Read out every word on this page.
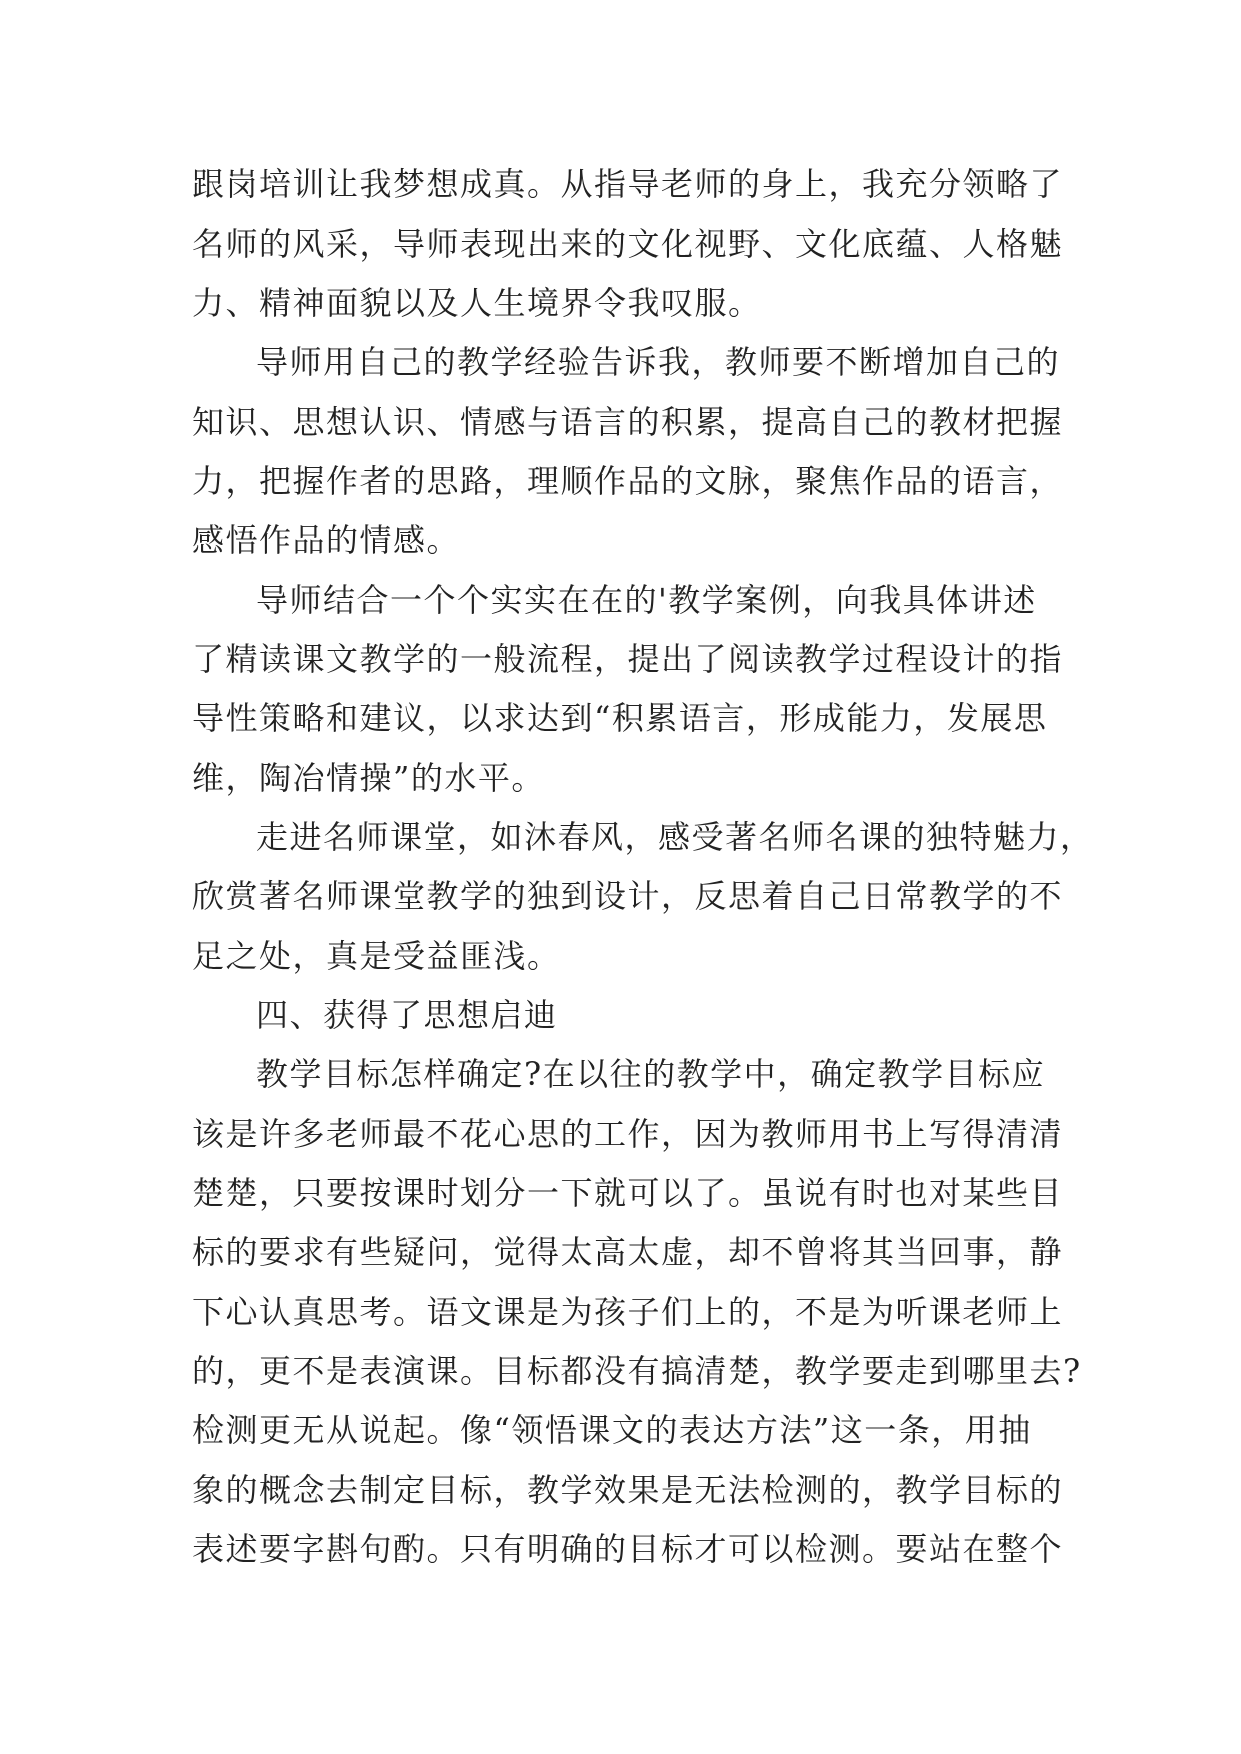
跟岗培训让我梦想成真。从指导老师的身上，我充分领略了
名师的风采，导师表现出来的文化视野、文化底蕴、人格魅
力、精神面貌以及人生境界令我叹服。
导师用自己的教学经验告诉我，教师要不断增加自己的
知识、思想认识、情感与语言的积累，提高自己的教材把握
力，把握作者的思路，理顺作品的文脉，聚焦作品的语言，
感悟作品的情感。
导师结合一个个实实在在的'教学案例，向我具体讲述
了精读课文教学的一般流程，提出了阅读教学过程设计的指
导性策略和建议，以求达到“积累语言，形成能力，发展思
维，陶冶情操”的水平。
走进名师课堂，如沐春风，感受著名师名课的独特魅力，
欣赏著名师课堂教学的独到设计，反思着自己日常教学的不
足之处，真是受益匪浅。
四、获得了思想启迪
教学目标怎样确定?在以往的教学中，确定教学目标应
该是许多老师最不花心思的工作，因为教师用书上写得清清
楚楚，只要按课时划分一下就可以了。虽说有时也对某些目
标的要求有些疑问，觉得太高太虚，却不曾将其当回事，静
下心认真思考。语文课是为孩子们上的，不是为听课老师上
的，更不是表演课。目标都没有搞清楚，教学要走到哪里去?
检测更无从说起。像“领悟课文的表达方法”这一条，用抽
象的概念去制定目标，教学效果是无法检测的，教学目标的
表述要字斟句酌。只有明确的目标才可以检测。要站在整个
